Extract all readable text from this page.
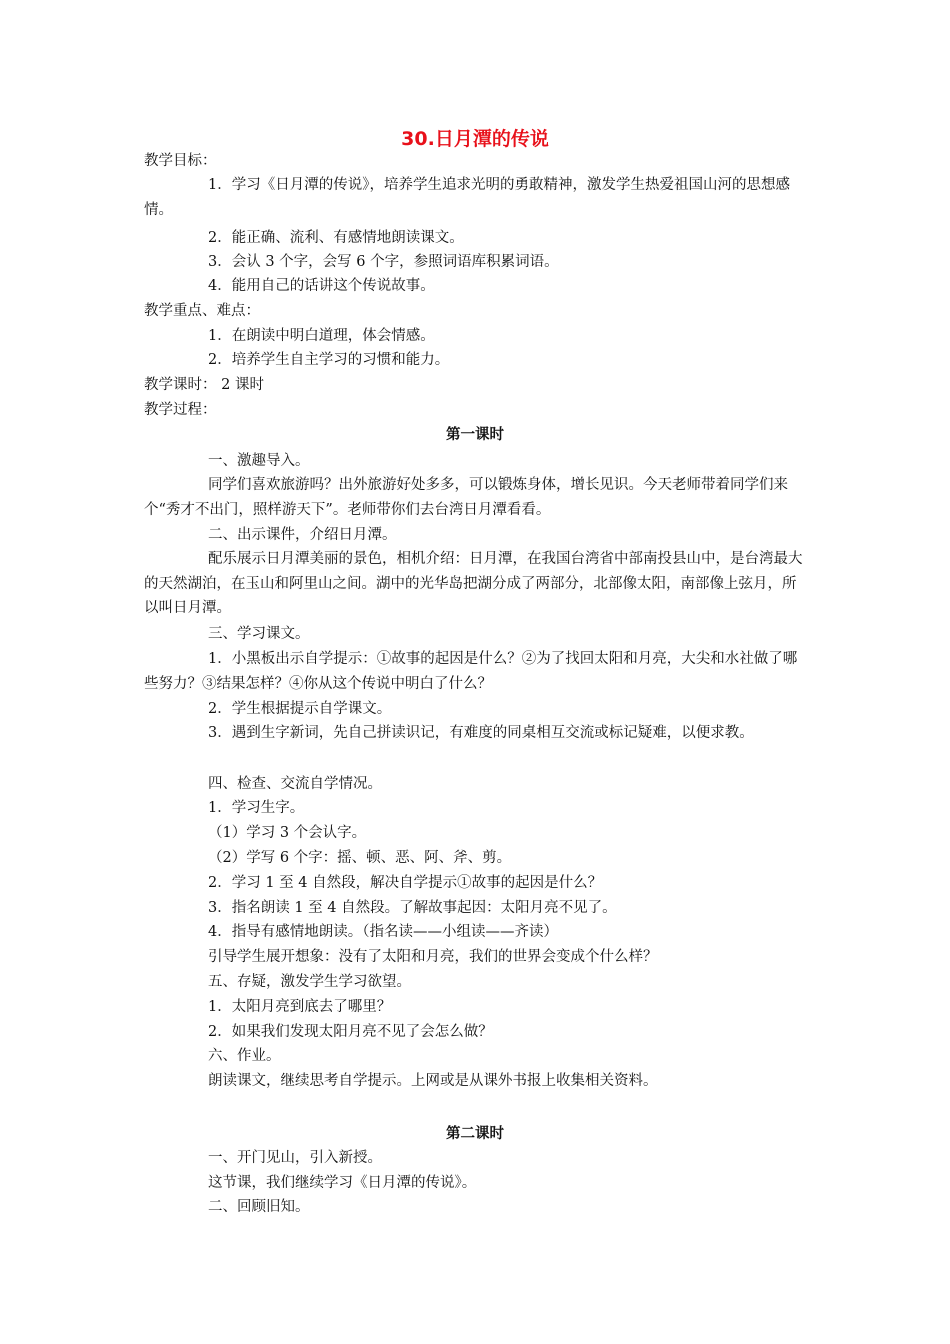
30.日月潭的传说
教学目标：

1．学习《日月潭的传说》，培养学生追求光明的勇敢精神，激发学生热爱祖国山河的思想感情。

2．能正确、流利、有感情地朗读课文。
3．会认 3 个字，会写 6 个字，参照词语库积累词语。
4．能用自己的话讲这个传说故事。
教学重点、难点：
1．在朗读中明白道理，体会情感。
2．培养学生自主学习的习惯和能力。
教学课时： 2 课时
教学过程：
第一课时
一、激趣导入。

同学们喜欢旅游吗？出外旅游好处多多，可以锻炼身体，增长见识。今天老师带着同学们来个“秀才不出门，照样游天下”。老师带你们去台湾日月潭看看。

二、出示课件，介绍日月潭。

配乐展示日月潭美丽的景色，相机介绍：日月潭，在我国台湾省中部南投县山中，是台湾最大的天然湖泊，在玉山和阿里山之间。湖中的光华岛把湖分成了两部分，北部像太阳，南部像上弦月，所以叫日月潭。

三、学习课文。

1．小黑板出示自学提示：①故事的起因是什么？②为了找回太阳和月亮，大尖和水社做了哪些努力？③结果怎样？④你从这个传说中明白了什么？

2．学生根据提示自学课文。

3．遇到生字新词，先自己拼读识记，有难度的同桌相互交流或标记疑难，以便求教。

四、检查、交流自学情况。
1．学习生字。
（1）学习 3 个会认字。
（2）学写 6 个字：摇、顿、恶、阿、斧、剪。
2．学习 1 至 4 自然段，解决自学提示①故事的起因是什么？
3．指名朗读 1 至 4 自然段。了解故事起因：太阳月亮不见了。
4．指导有感情地朗读。（指名读——小组读——齐读）
引导学生展开想象：没有了太阳和月亮，我们的世界会变成个什么样？
五、存疑，激发学生学习欲望。
1．太阳月亮到底去了哪里？
2．如果我们发现太阳月亮不见了会怎么做？
六、作业。
朗读课文，继续思考自学提示。上网或是从课外书报上收集相关资料。
第二课时
一、开门见山，引入新授。
这节课，我们继续学习《日月潭的传说》。
二、回顾旧知。
